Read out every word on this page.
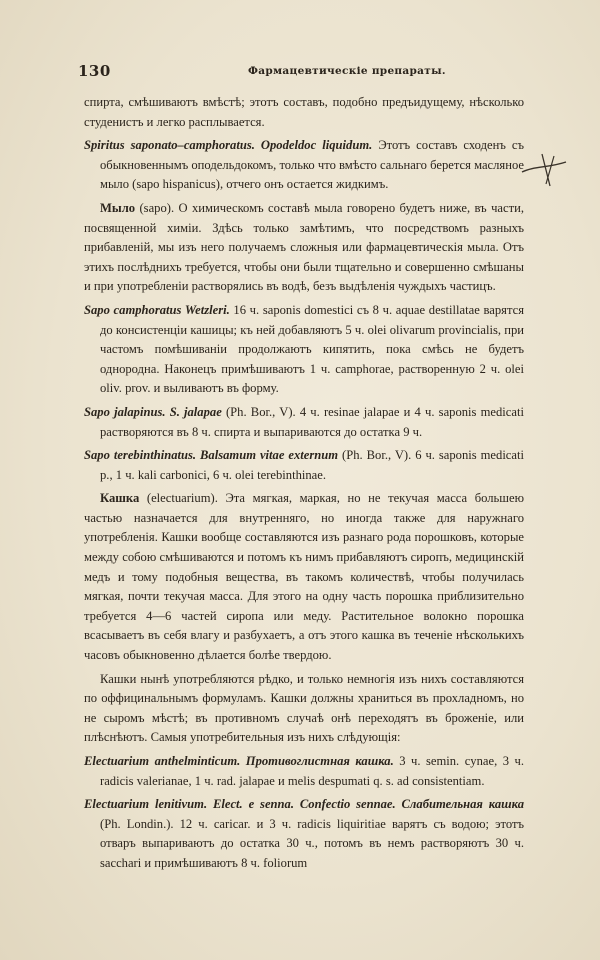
130	Фармацевтическіе препараты.

спирта, смѣшиваютъ вмѣстѣ; этотъ составъ, подобно предъидущему, нѣсколько студенистъ и легко расплывается.

Spiritus saponato–camphoratus. Opodeldoc liquidum. Этотъ составъ сходенъ съ обыкновеннымъ оподельдокомъ, только что вмѣсто сальнаго берется масляное мыло (sapo hispanicus), отчего онъ остается жидкимъ.

Мыло (sapo). О химическомъ составѣ мыла говорено будетъ ниже, въ части, посвященной химіи. Здѣсь только замѣтимъ, что посредствомъ разныхъ прибавленій, мы изъ него получаемъ сложныя или фармацевтическія мыла. Отъ этихъ послѣднихъ требуется, чтобы они были тщательно и совершенно смѣшаны и при употребленіи растворялись въ водѣ, безъ выдѣленія чуждыхъ частицъ.

Sapo camphoratus Wetzleri. 16 ч. saponis domestici съ 8 ч. aquae destillatae варятся до консистенціи кашицы; къ ней добавляютъ 5 ч. olei olivarum provincialis, при частомъ помѣшиваніи продолжаютъ кипятить, пока смѣсь не будетъ однородна. Наконецъ примѣшиваютъ 1 ч. camphorae, растворенную 2 ч. olei oliv. prov. и выливаютъ въ форму.

Sapo jalapinus. S. jalapae (Ph. Bor., V). 4 ч. resinae jalapae и 4 ч. saponis medicati растворяются въ 8 ч. спирта и выпариваются до остатка 9 ч.

Sapo terebinthinatus. Balsamum vitae externum (Ph. Bor., V). 6 ч. saponis medicati p., 1 ч. kali carbonici, 6 ч. olei terebinthinae.

Кашка (electuarium). Эта мягкая, маркая, но не текучая масса большею частью назначается для внутренняго, но иногда также для наружнаго употребленія. Кашки вообще составляются изъ разнаго рода порошковъ, которые между собою смѣшиваются и потомъ къ нимъ прибавляютъ сиропъ, медицинскій медъ и тому подобныя вещества, въ такомъ количествѣ, чтобы получилась мягкая, почти текучая масса. Для этого на одну часть порошка приблизительно требуется 4—6 частей сиропа или меду. Растительное волокно порошка всасываетъ въ себя влагу и разбухаетъ, а отъ этого кашка въ теченіе нѣсколькихъ часовъ обыкновенно дѣлается болѣе твердою.

Кашки нынѣ употребляются рѣдко, и только немногія изъ нихъ составляются по оффицинальнымъ формуламъ. Кашки должны храниться въ прохладномъ, но не сыромъ мѣстѣ; въ противномъ случаѣ онѣ переходятъ въ броженіе, или плѣснѣютъ. Самыя употребительныя изъ нихъ слѣдующія:

Electuarium anthelminticum. Противоглистная кашка. 3 ч. semin. cynae, 3 ч. radicis valerianae, 1 ч. rad. jalapae и melis despumati q. s. ad consistentiam.

Electuarium lenitivum. Elect. e senna. Confectio sennae. Слабительная кашка (Ph. Londin.). 12 ч. caricar. и 3 ч. radicis liquiritiae варятъ съ водою; этотъ отваръ выпариваютъ до остатка 30 ч., потомъ въ немъ растворяютъ 30 ч. sacchari и примѣшиваютъ 8 ч. foliorum
